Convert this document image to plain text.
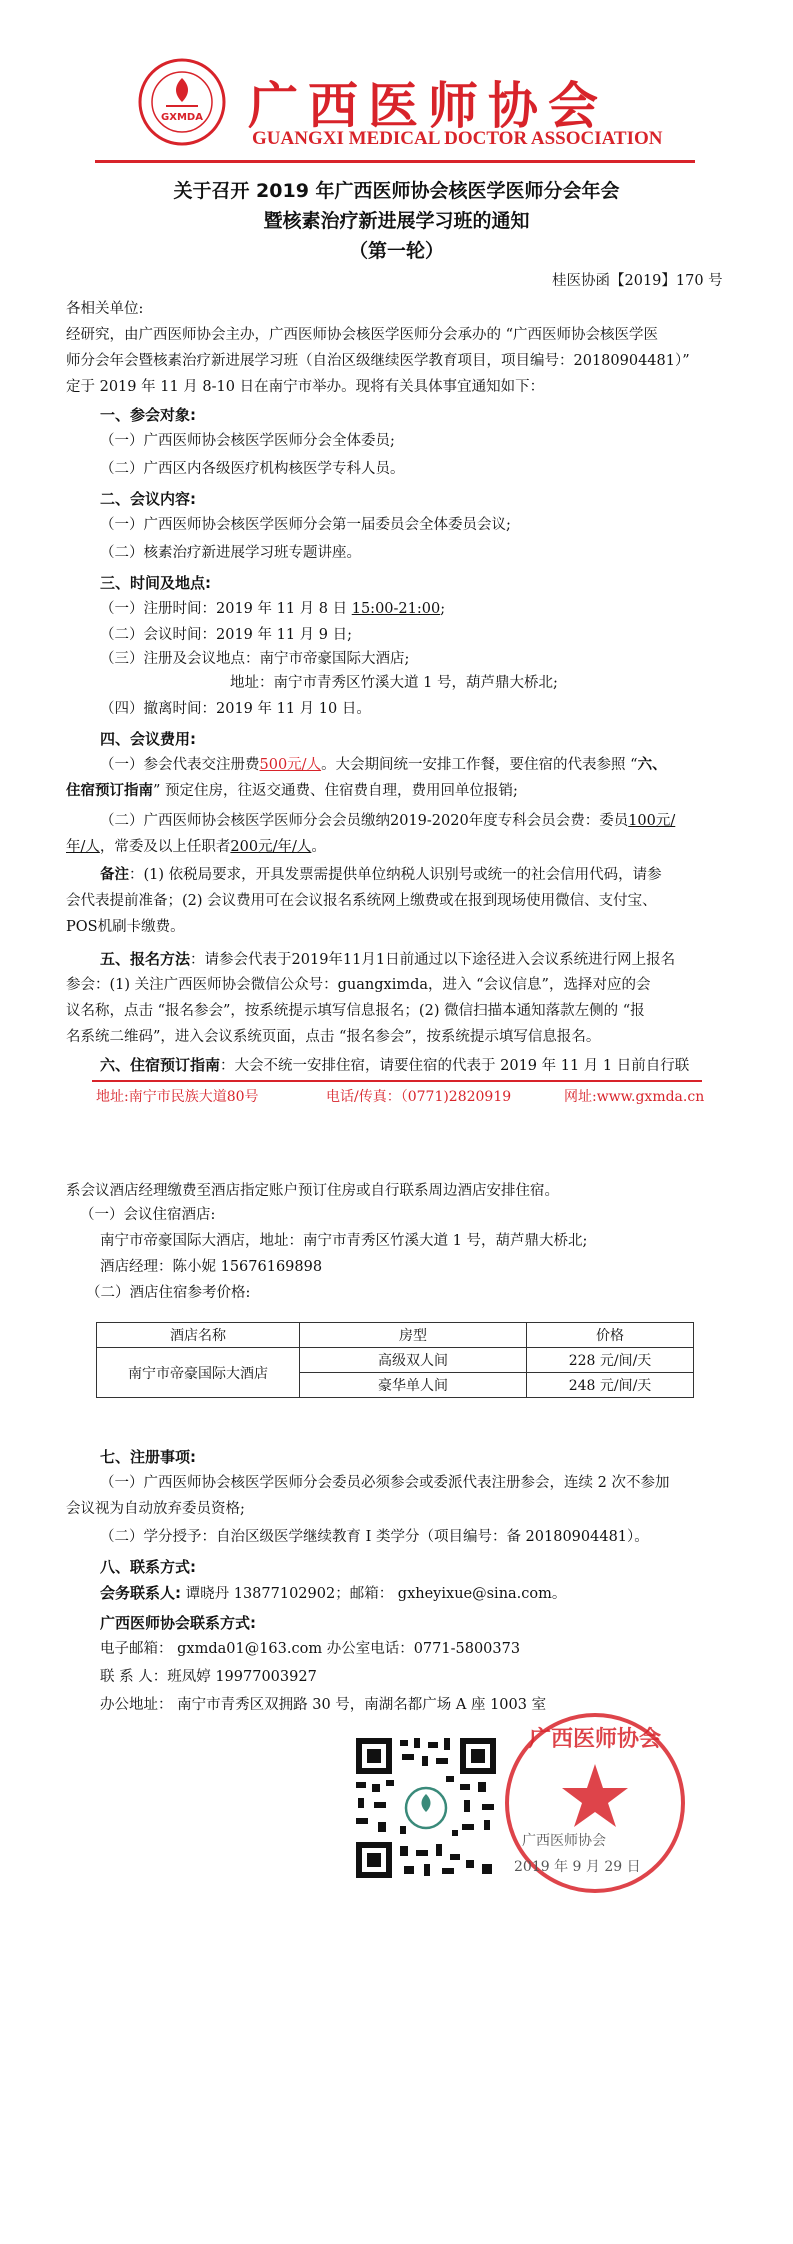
GXMDA 广西医师协会
GUANGXI MEDICAL DOCTOR ASSOCIATION
关于召开 2019 年广西医师协会核医学医师分会年会
暨核素治疗新进展学习班的通知
（第一轮）
桂医协函【2019】170 号
各相关单位:
经研究，由广西医师协会主办，广西医师协会核医学医师分会承办的 “广西医师协会核医学医
师分会年会暨核素治疗新进展学习班（自治区级继续医学教育项目，项目编号：20180904481）”
定于 2019 年 11 月 8-10 日在南宁市举办。现将有关具体事宜通知如下：
一、参会对象:
（一）广西医师协会核医学医师分会全体委员;
（二）广西区内各级医疗机构核医学专科人员。
二、会议内容:
（一）广西医师协会核医学医师分会第一届委员会全体委员会议;
（二）核素治疗新进展学习班专题讲座。
三、时间及地点:
（一）注册时间：2019 年 11 月 8 日 15:00-21:00;
（二）会议时间：2019 年 11 月 9 日;
（三）注册及会议地点：南宁市帝豪国际大酒店;
地址：南宁市青秀区竹溪大道 1 号，葫芦鼎大桥北;
（四）撤离时间：2019 年 11 月 10 日。
四、会议费用:
（一）参会代表交注册费500元/人。大会期间统一安排工作餐，要住宿的代表参照 “六、
住宿预订指南” 预定住房，往返交通费、住宿费自理，费用回单位报销;
（二）广西医师协会核医学医师分会会员缴纳2019-2020年度专科会员会费：委员100元/
年/人，常委及以上任职者200元/年/人。
备注：(1) 依税局要求，开具发票需提供单位纳税人识别号或统一的社会信用代码，请参
会代表提前准备；(2) 会议费用可在会议报名系统网上缴费或在报到现场使用微信、支付宝、
POS机刷卡缴费。
五、报名方法：请参会代表于2019年11月1日前通过以下途径进入会议系统进行网上报名
参会：(1) 关注广西医师协会微信公众号：guangximda，进入 “会议信息”，选择对应的会
议名称，点击 “报名参会”，按系统提示填写信息报名；(2) 微信扫描本通知落款左侧的 “报
名系统二维码”，进入会议系统页面，点击 “报名参会”，按系统提示填写信息报名。
六、住宿预订指南：大会不统一安排住宿，请要住宿的代表于 2019 年 11 月 1 日前自行联
地址:南宁市民族大道80号	电话/传真：（0771)2820919	网址:www.gxmda.cn
系会议酒店经理缴费至酒店指定账户预订住房或自行联系周边酒店安排住宿。
（一）会议住宿酒店:
南宁市帝豪国际大酒店，地址：南宁市青秀区竹溪大道 1 号，葫芦鼎大桥北;
酒店经理：陈小妮 15676169898
（二）酒店住宿参考价格:
酒店名称	房型	价格
南宁市帝豪国际大酒店	高级双人间	228 元/间/天
	豪华单人间	248 元/间/天
七、注册事项:
（一）广西医师协会核医学医师分会委员必须参会或委派代表注册参会，连续 2 次不参加
会议视为自动放弃委员资格;
（二）学分授予：自治区级医学继续教育 I 类学分（项目编号：备 20180904481）。
八、联系方式:
会务联系人: 谭晓丹 13877102902；邮箱： gxheyixue@sina.com。
广西医师协会联系方式:
电子邮箱： gxmda01@163.com 办公室电话：0771-5800373
联 系 人：班凤婷 19977003927
办公地址： 南宁市青秀区双拥路 30 号，南湖名都广场 A 座 1003 室
广西医师协会
广西医师协会
2019 年 9 月 29 日
